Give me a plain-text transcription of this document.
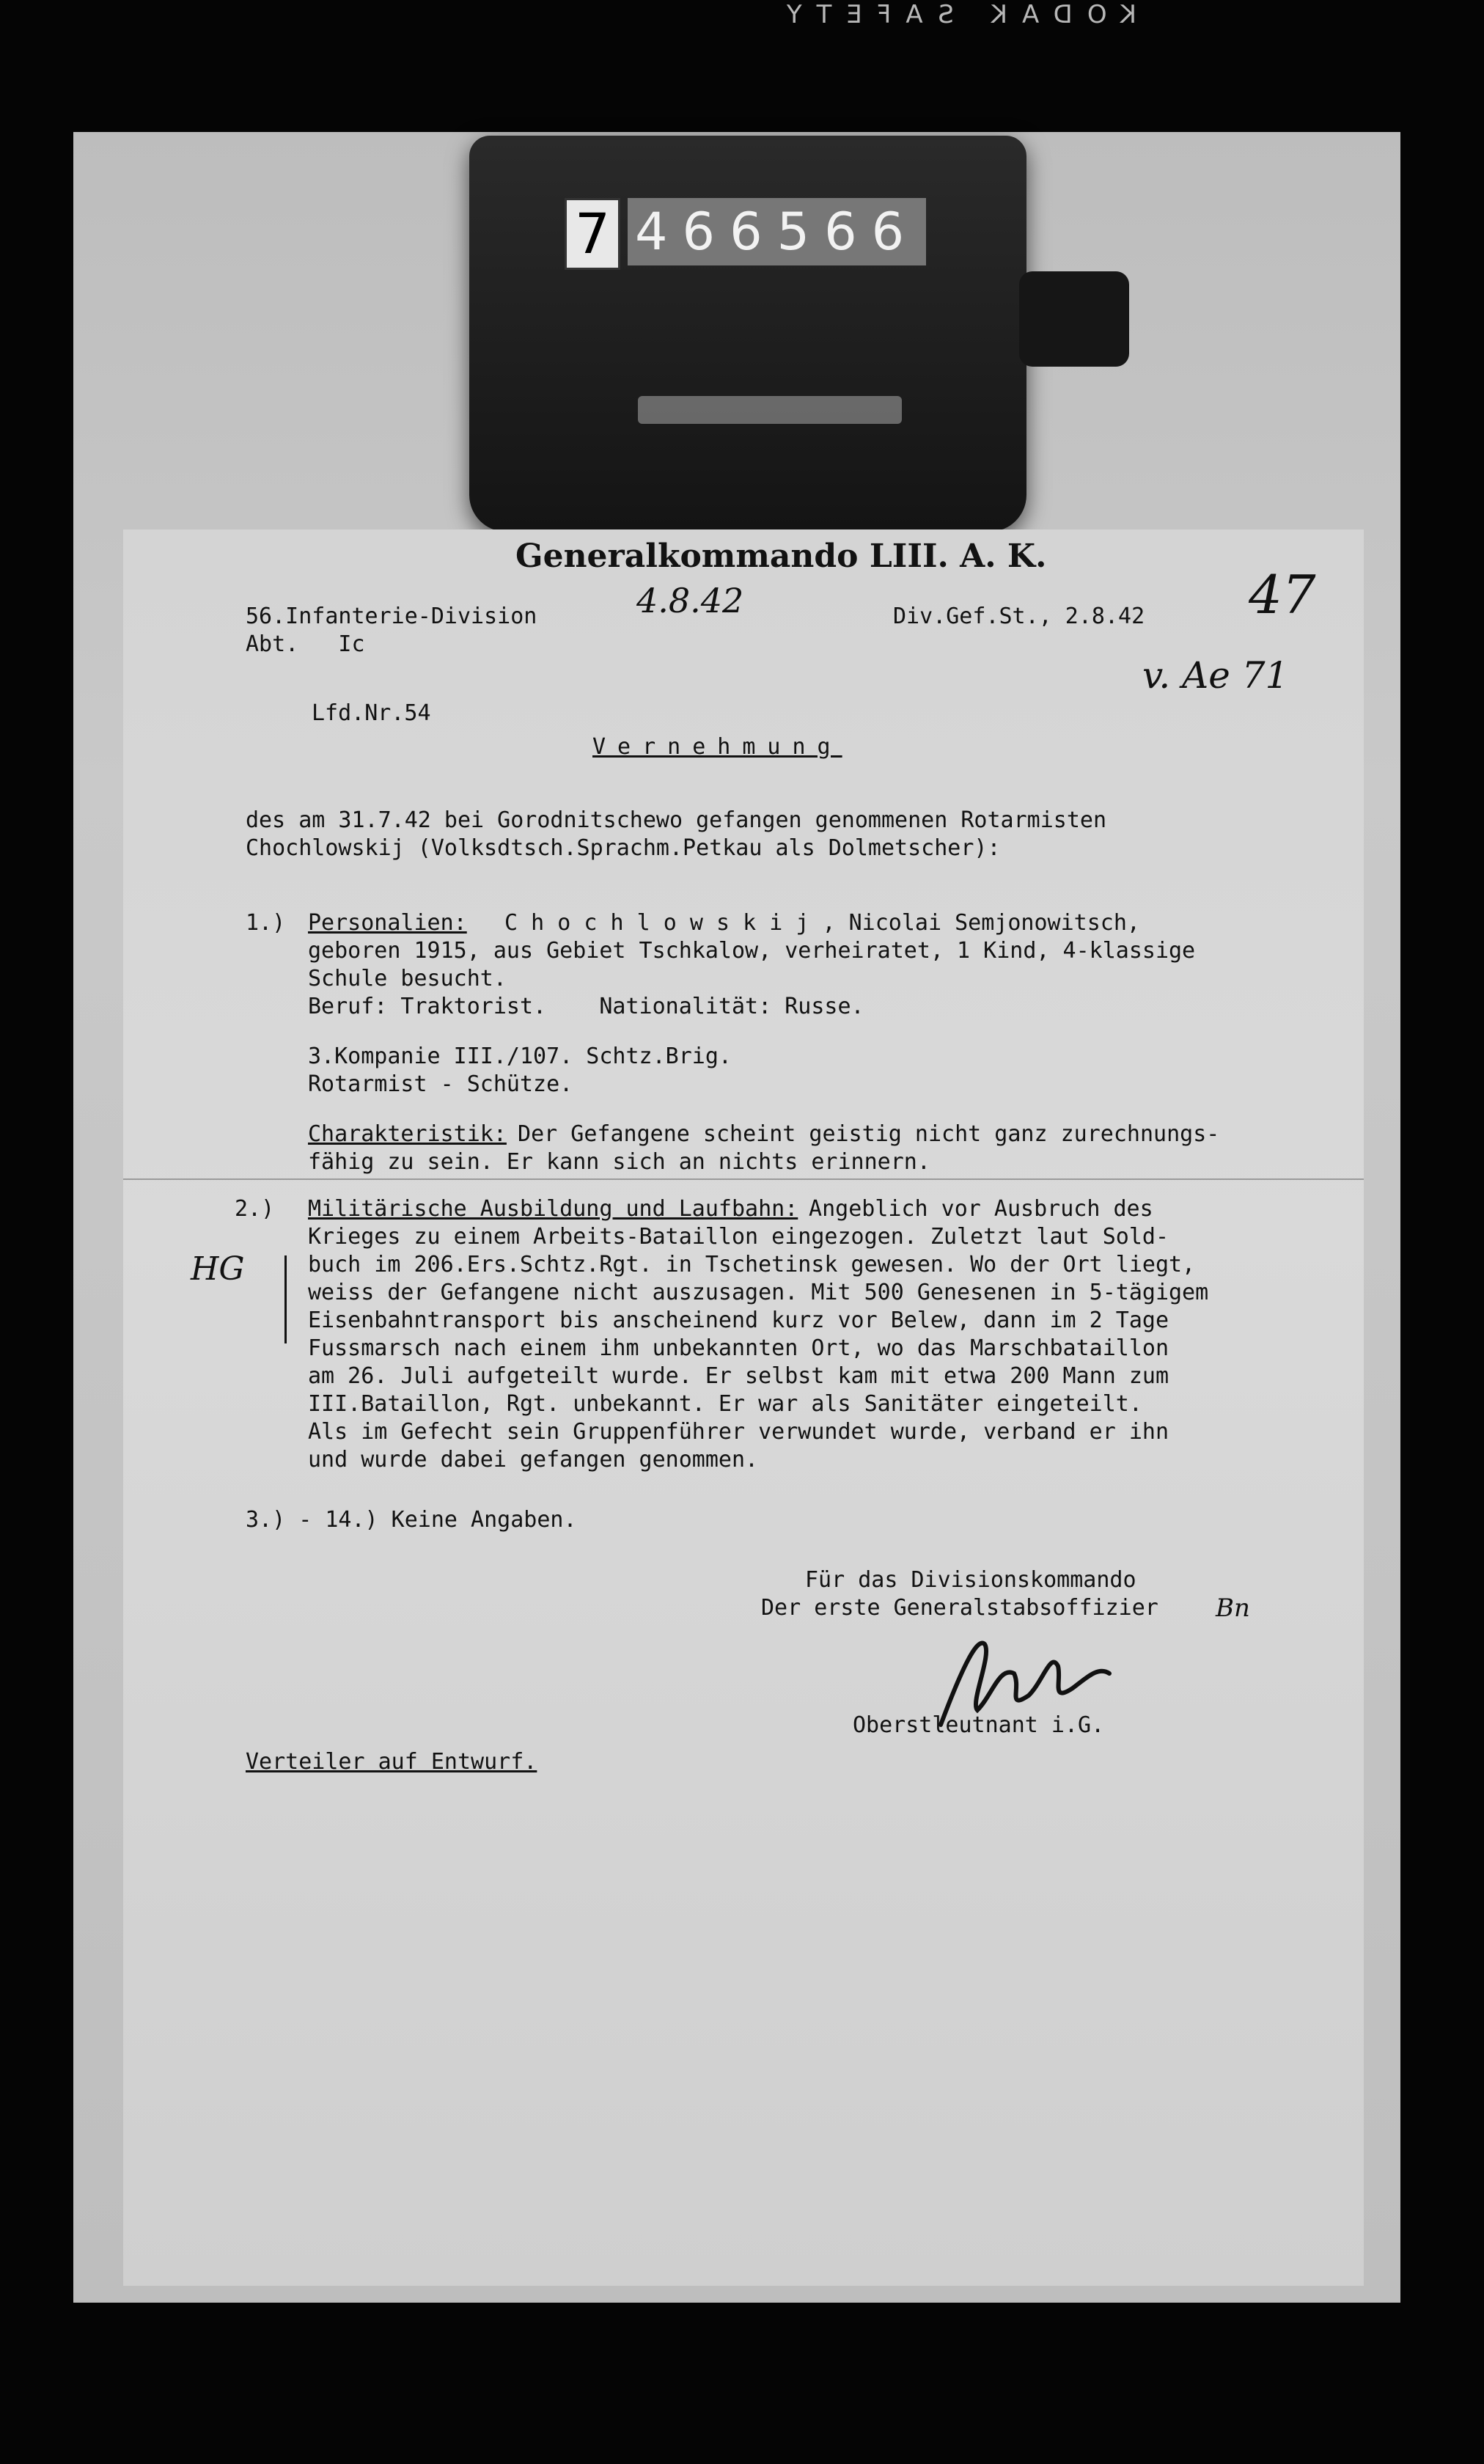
KODAK SAFETY
7 466566
Generalkommando LIII. A. K.
4.8.42
56.Infanterie-Division	Div.Gef.St., 2.8.42
Abt.   Ic
47
v. Ae 71
Lfd.Nr.54
Vernehmung
des am 31.7.42 bei Gorodnitschewo gefangen genommenen Rotarmisten
Chochlowskij (Volksdtsch.Sprachm.Petkau als Dolmetscher):
1.) Personalien: C h o c h l o w s k i j , Nicolai Semjonowitsch,
geboren 1915, aus Gebiet Tschkalow, verheiratet, 1 Kind, 4-klassige
Schule besucht.
Beruf: Traktorist.    Nationalität: Russe.
3.Kompanie III./107. Schtz.Brig.
Rotarmist - Schütze.
Charakteristik:
Der Gefangene scheint geistig nicht ganz zurechnungs-
fähig zu sein. Er kann sich an nichts erinnern.
2.) Militärische Ausbildung und Laufbahn:
Angeblich vor Ausbruch des
Krieges zu einem Arbeits-Bataillon eingezogen. Zuletzt laut Sold-
buch im 206.Ers.Schtz.Rgt. in Tschetinsk gewesen. Wo der Ort liegt,
weiss der Gefangene nicht auszusagen. Mit 500 Genesenen in 5-tägigem
Eisenbahntransport bis anscheinend kurz vor Belew, dann im 2 Tage
Fussmarsch nach einem ihm unbekannten Ort, wo das Marschbataillon
am 26. Juli aufgeteilt wurde. Er selbst kam mit etwa 200 Mann zum
III.Bataillon, Rgt. unbekannt. Er war als Sanitäter eingeteilt.
Als im Gefecht sein Gruppenführer verwundet wurde, verband er ihn
und wurde dabei gefangen genommen.
HG
3.) - 14.) Keine Angaben.
Für das Divisionskommando
Der erste Generalstabsoffizier Bn
Oberstleutnant i.G.
Verteiler auf Entwurf.
